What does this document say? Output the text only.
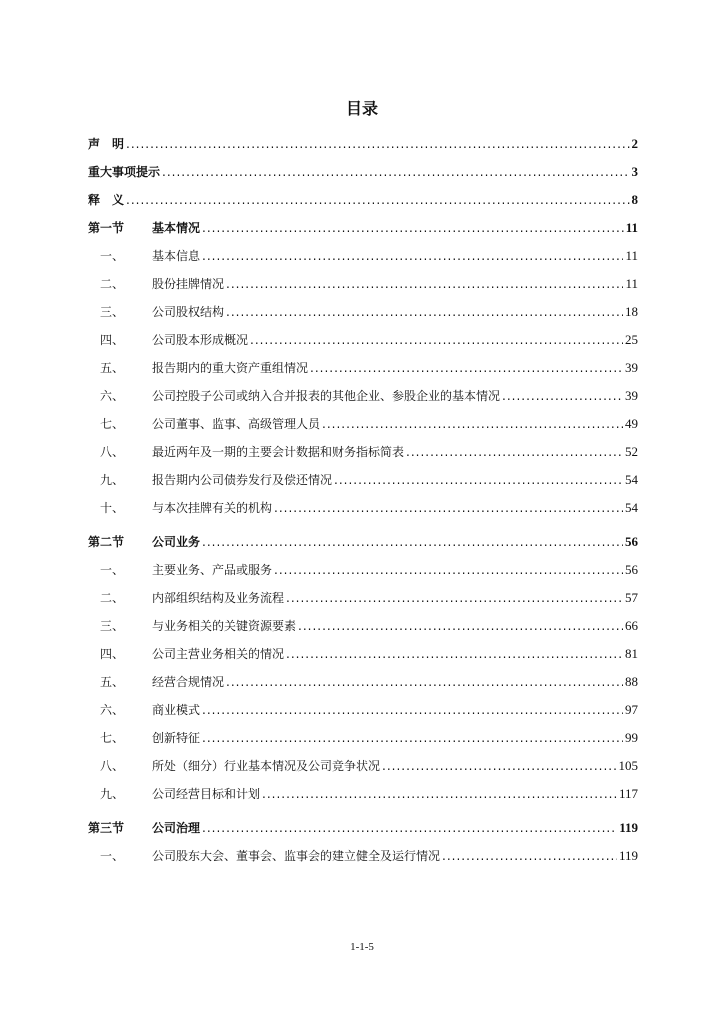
目录
声　明 .....	2
重大事项提示 .....	3
释　义 .....	8
第一节	基本情况 .....	11
一、	基本信息 .....	11
二、	股份挂牌情况 .....	11
三、	公司股权结构 .....	18
四、	公司股本形成概况 .....	25
五、	报告期内的重大资产重组情况 .....	39
六、	公司控股子公司或纳入合并报表的其他企业、参股企业的基本情况 .....	39
七、	公司董事、监事、高级管理人员 .....	49
八、	最近两年及一期的主要会计数据和财务指标简表 .....	52
九、	报告期内公司债券发行及偿还情况 .....	54
十、	与本次挂牌有关的机构 .....	54
第二节	公司业务 .....	56
一、	主要业务、产品或服务 .....	56
二、	内部组织结构及业务流程 .....	57
三、	与业务相关的关键资源要素 .....	66
四、	公司主营业务相关的情况 .....	81
五、	经营合规情况 .....	88
六、	商业模式 .....	97
七、	创新特征 .....	99
八、	所处（细分）行业基本情况及公司竞争状况 .....	105
九、	公司经营目标和计划 .....	117
第三节	公司治理 .....	119
一、	公司股东大会、董事会、监事会的建立健全及运行情况 .....	119
1-1-5
